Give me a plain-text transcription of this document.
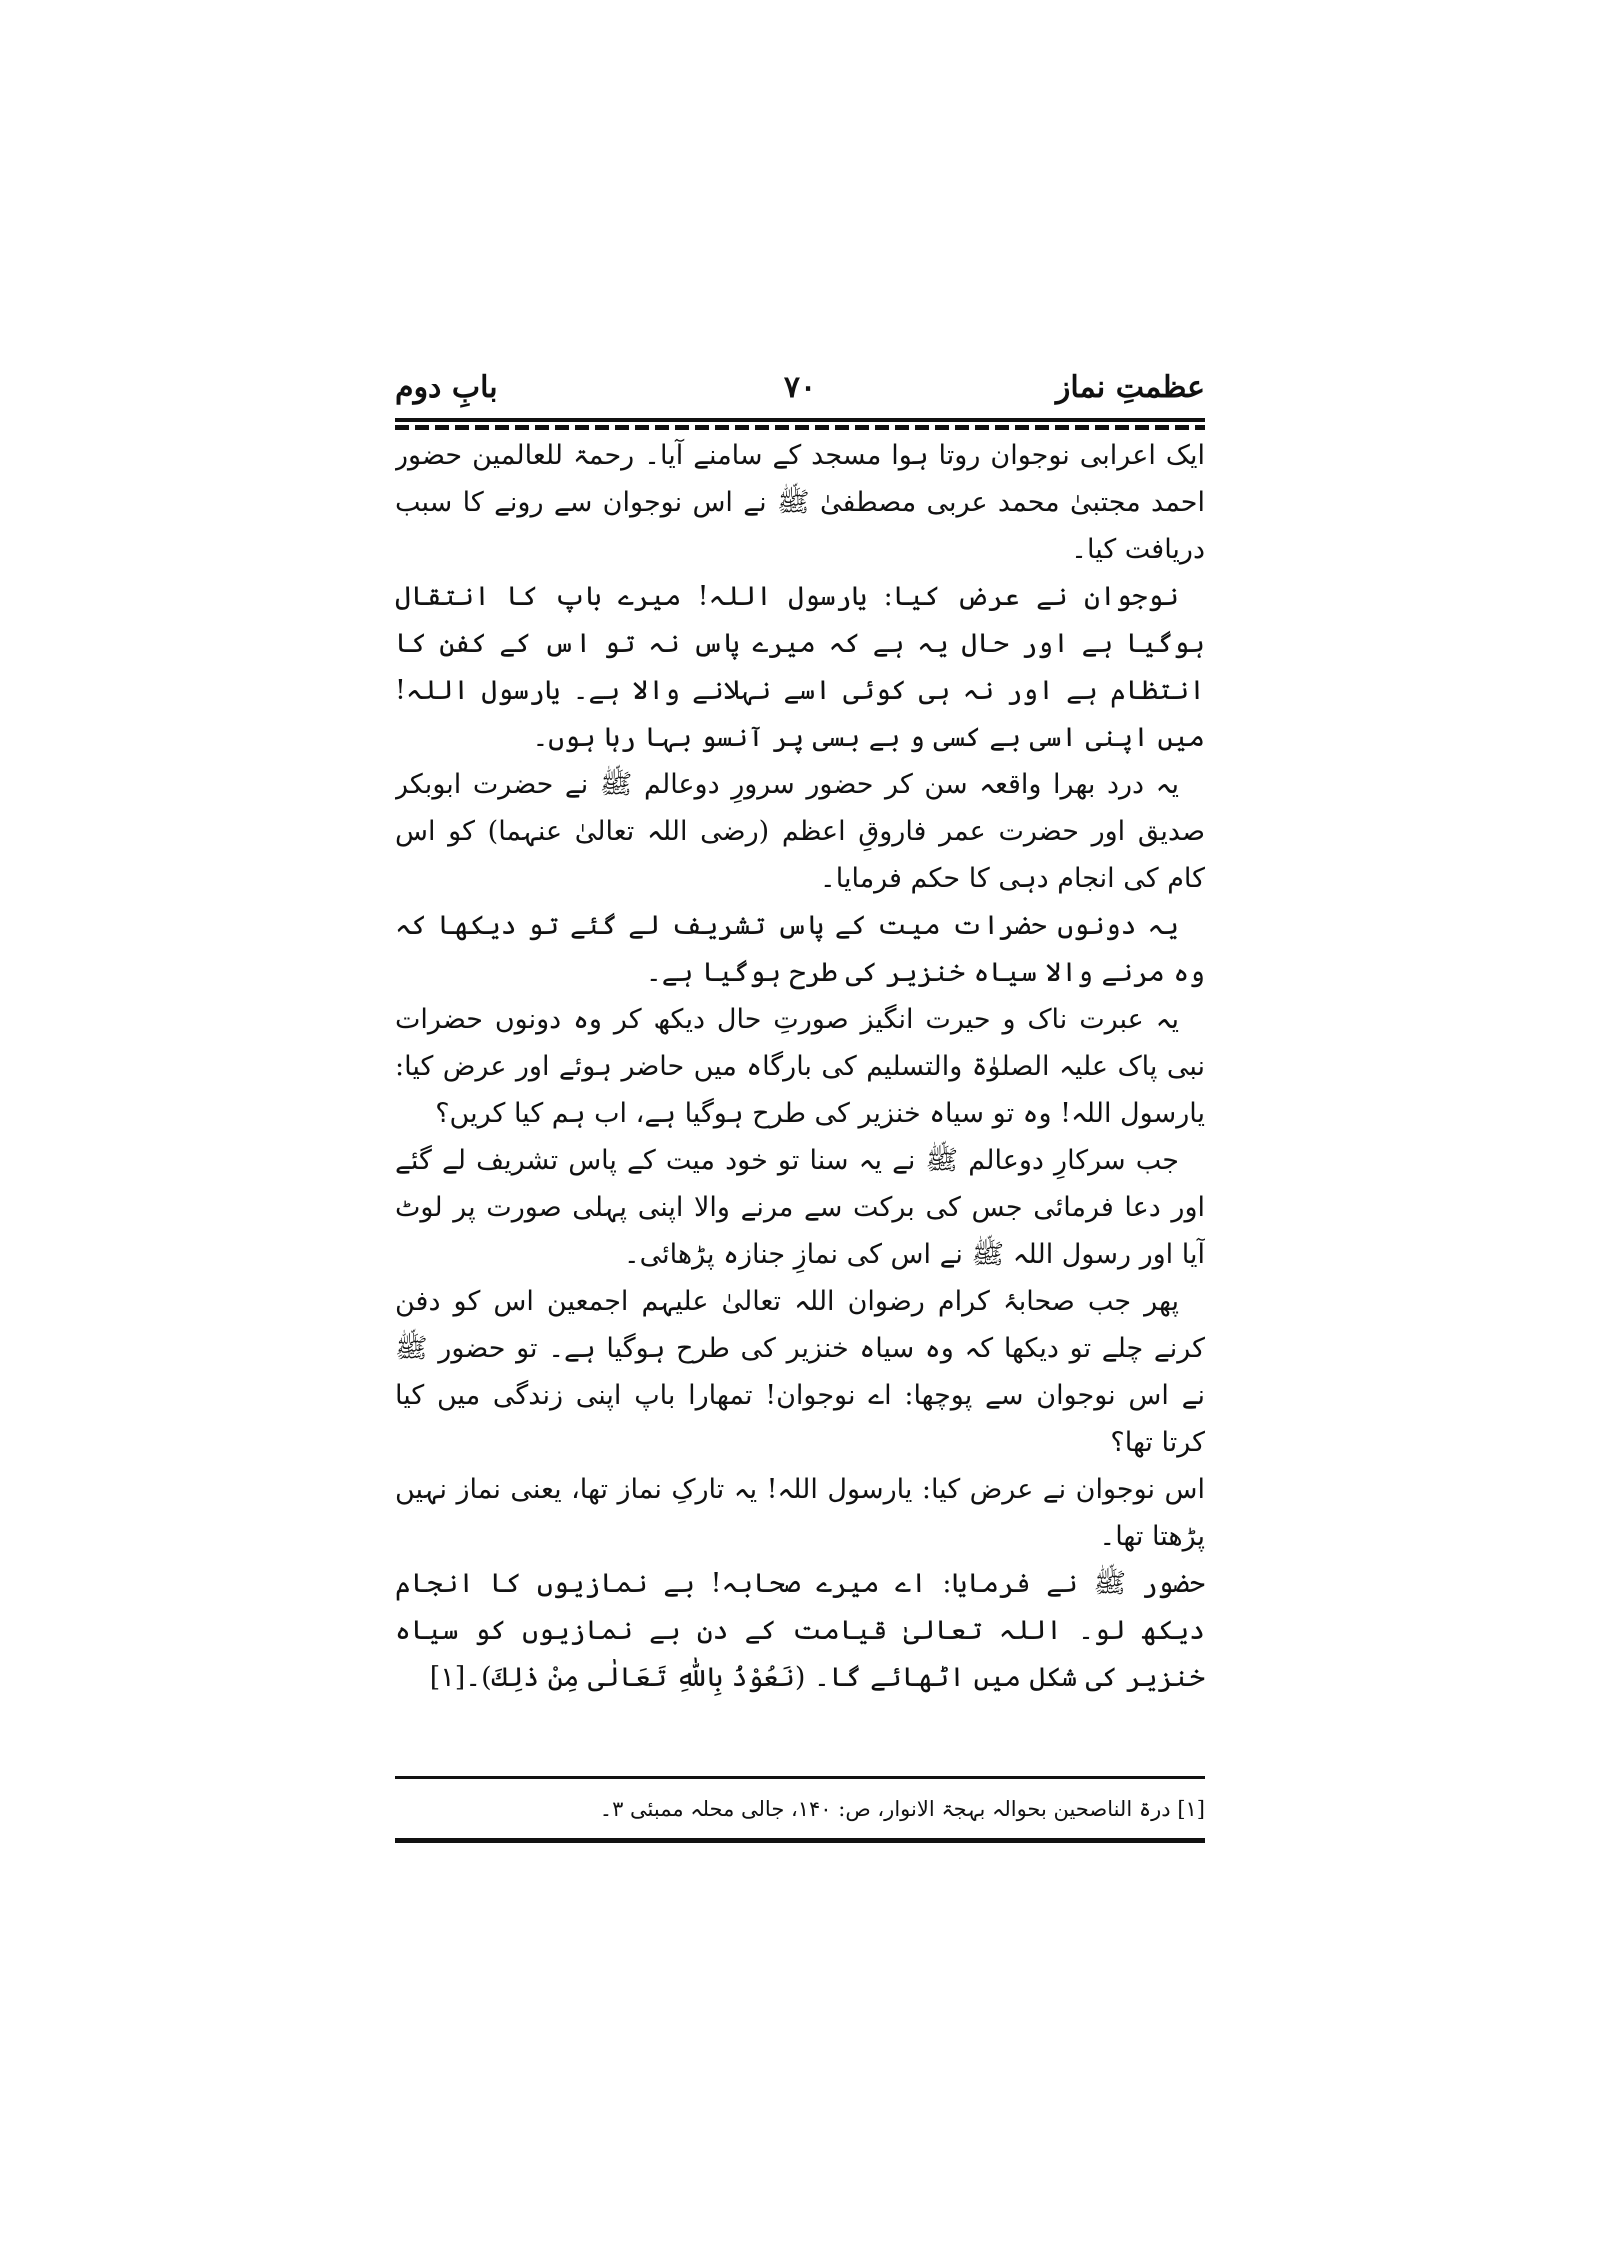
عظمتِ نماز
۷۰
بابِ دوم

ایک اعرابی نوجوان روتا ہوا مسجد کے سامنے آیا۔ رحمۃ للعالمین حضور احمد مجتبیٰ محمد عربی مصطفیٰ ﷺ نے اس نوجوان سے رونے کا سبب دریافت کیا۔

نوجوان نے عرض کیا: یارسول اللہ! میرے باپ کا انتقال ہوگیا ہے اور حال یہ ہے کہ میرے پاس نہ تو اس کے کفن کا انتظام ہے اور نہ ہی کوئی اسے نہلانے والا ہے۔ یارسول اللہ! میں اپنی اسی بے کسی و بے بسی پر آنسو بہا رہا ہوں۔

یہ درد بھرا واقعہ سن کر حضور سرورِ دوعالم ﷺ نے حضرت ابوبکر صدیق اور حضرت عمر فاروقِ اعظم (رضی اللہ تعالیٰ عنہما) کو اس کام کی انجام دہی کا حکم فرمایا۔

یہ دونوں حضرات میت کے پاس تشریف لے گئے تو دیکھا کہ وہ مرنے والا سیاہ خنزیر کی طرح ہوگیا ہے۔

یہ عبرت ناک و حیرت انگیز صورتِ حال دیکھ کر وہ دونوں حضرات نبی پاک علیہ الصلوٰۃ والتسلیم کی بارگاہ میں حاضر ہوئے اور عرض کیا: یارسول اللہ! وہ تو سیاہ خنزیر کی طرح ہوگیا ہے، اب ہم کیا کریں؟

جب سرکارِ دوعالم ﷺ نے یہ سنا تو خود میت کے پاس تشریف لے گئے اور دعا فرمائی جس کی برکت سے مرنے والا اپنی پہلی صورت پر لوٹ آیا اور رسول اللہ ﷺ نے اس کی نمازِ جنازہ پڑھائی۔

پھر جب صحابۂ کرام رضوان اللہ تعالیٰ علیہم اجمعین اس کو دفن کرنے چلے تو دیکھا کہ وہ سیاہ خنزیر کی طرح ہوگیا ہے۔ تو حضور ﷺ نے اس نوجوان سے پوچھا: اے نوجوان! تمھارا باپ اپنی زندگی میں کیا کرتا تھا؟

اس نوجوان نے عرض کیا: یارسول اللہ! یہ تارکِ نماز تھا، یعنی نماز نہیں پڑھتا تھا۔

حضور ﷺ نے فرمایا: اے میرے صحابہ! بے نمازیوں کا انجام دیکھ لو۔ اللہ تعالیٰ قیامت کے دن بے نمازیوں کو سیاہ خنزیر کی شکل میں اٹھائے گا۔ (نَعُوْذُ بِاللّٰهِ تَعَالٰى مِنْ ذٰلِكَ)۔[۱]

[۱] درۃ الناصحین بحوالہ بہجۃ الانوار، ص: ۱۴۰، جالی محلہ ممبئی ۳۔
